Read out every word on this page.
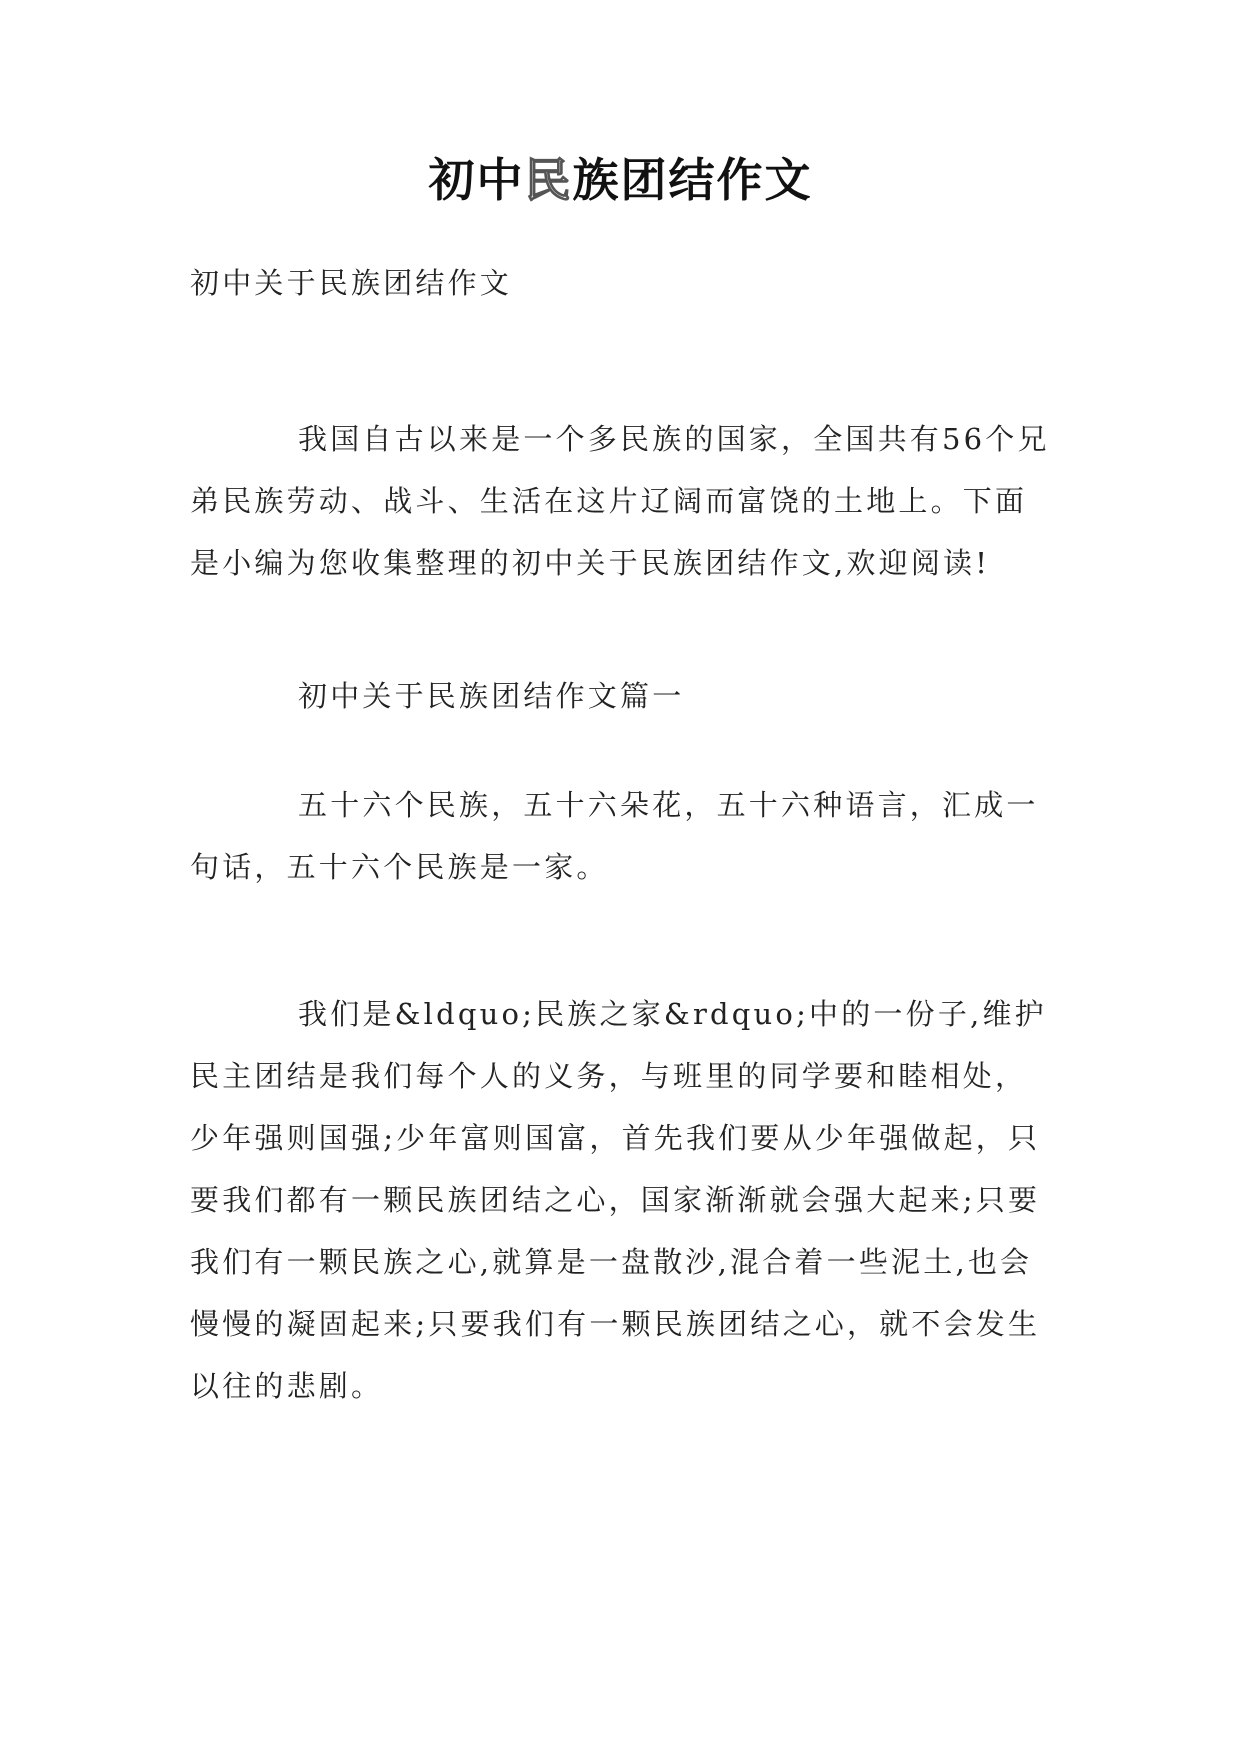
初中民族团结作文

初中关于民族团结作文

我国自古以来是一个多民族的国家，全国共有56个兄弟民族劳动、战斗、生活在这片辽阔而富饶的土地上。下面是小编为您收集整理的初中关于民族团结作文,欢迎阅读!

初中关于民族团结作文篇一

五十六个民族，五十六朵花，五十六种语言，汇成一句话，五十六个民族是一家。

我们是&ldquo;民族之家&rdquo;中的一份子,维护民主团结是我们每个人的义务，与班里的同学要和睦相处，少年强则国强;少年富则国富，首先我们要从少年强做起，只要我们都有一颗民族团结之心，国家渐渐就会强大起来;只要我们有一颗民族之心,就算是一盘散沙,混合着一些泥土,也会慢慢的凝固起来;只要我们有一颗民族团结之心，就不会发生以往的悲剧。
